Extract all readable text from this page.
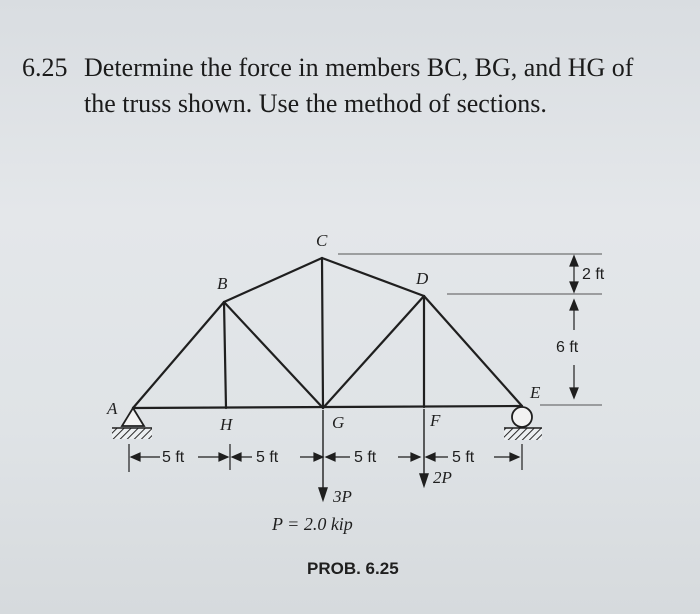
6.25 Determine the force in members BC, BG, and HG of
the truss shown. Use the method of sections.
A
B
C
D
E
F
G
H
5 ft	5 ft	5 ft	5 ft
2 ft
6 ft
3P
2P
P = 2.0 kip
PROB. 6.25
